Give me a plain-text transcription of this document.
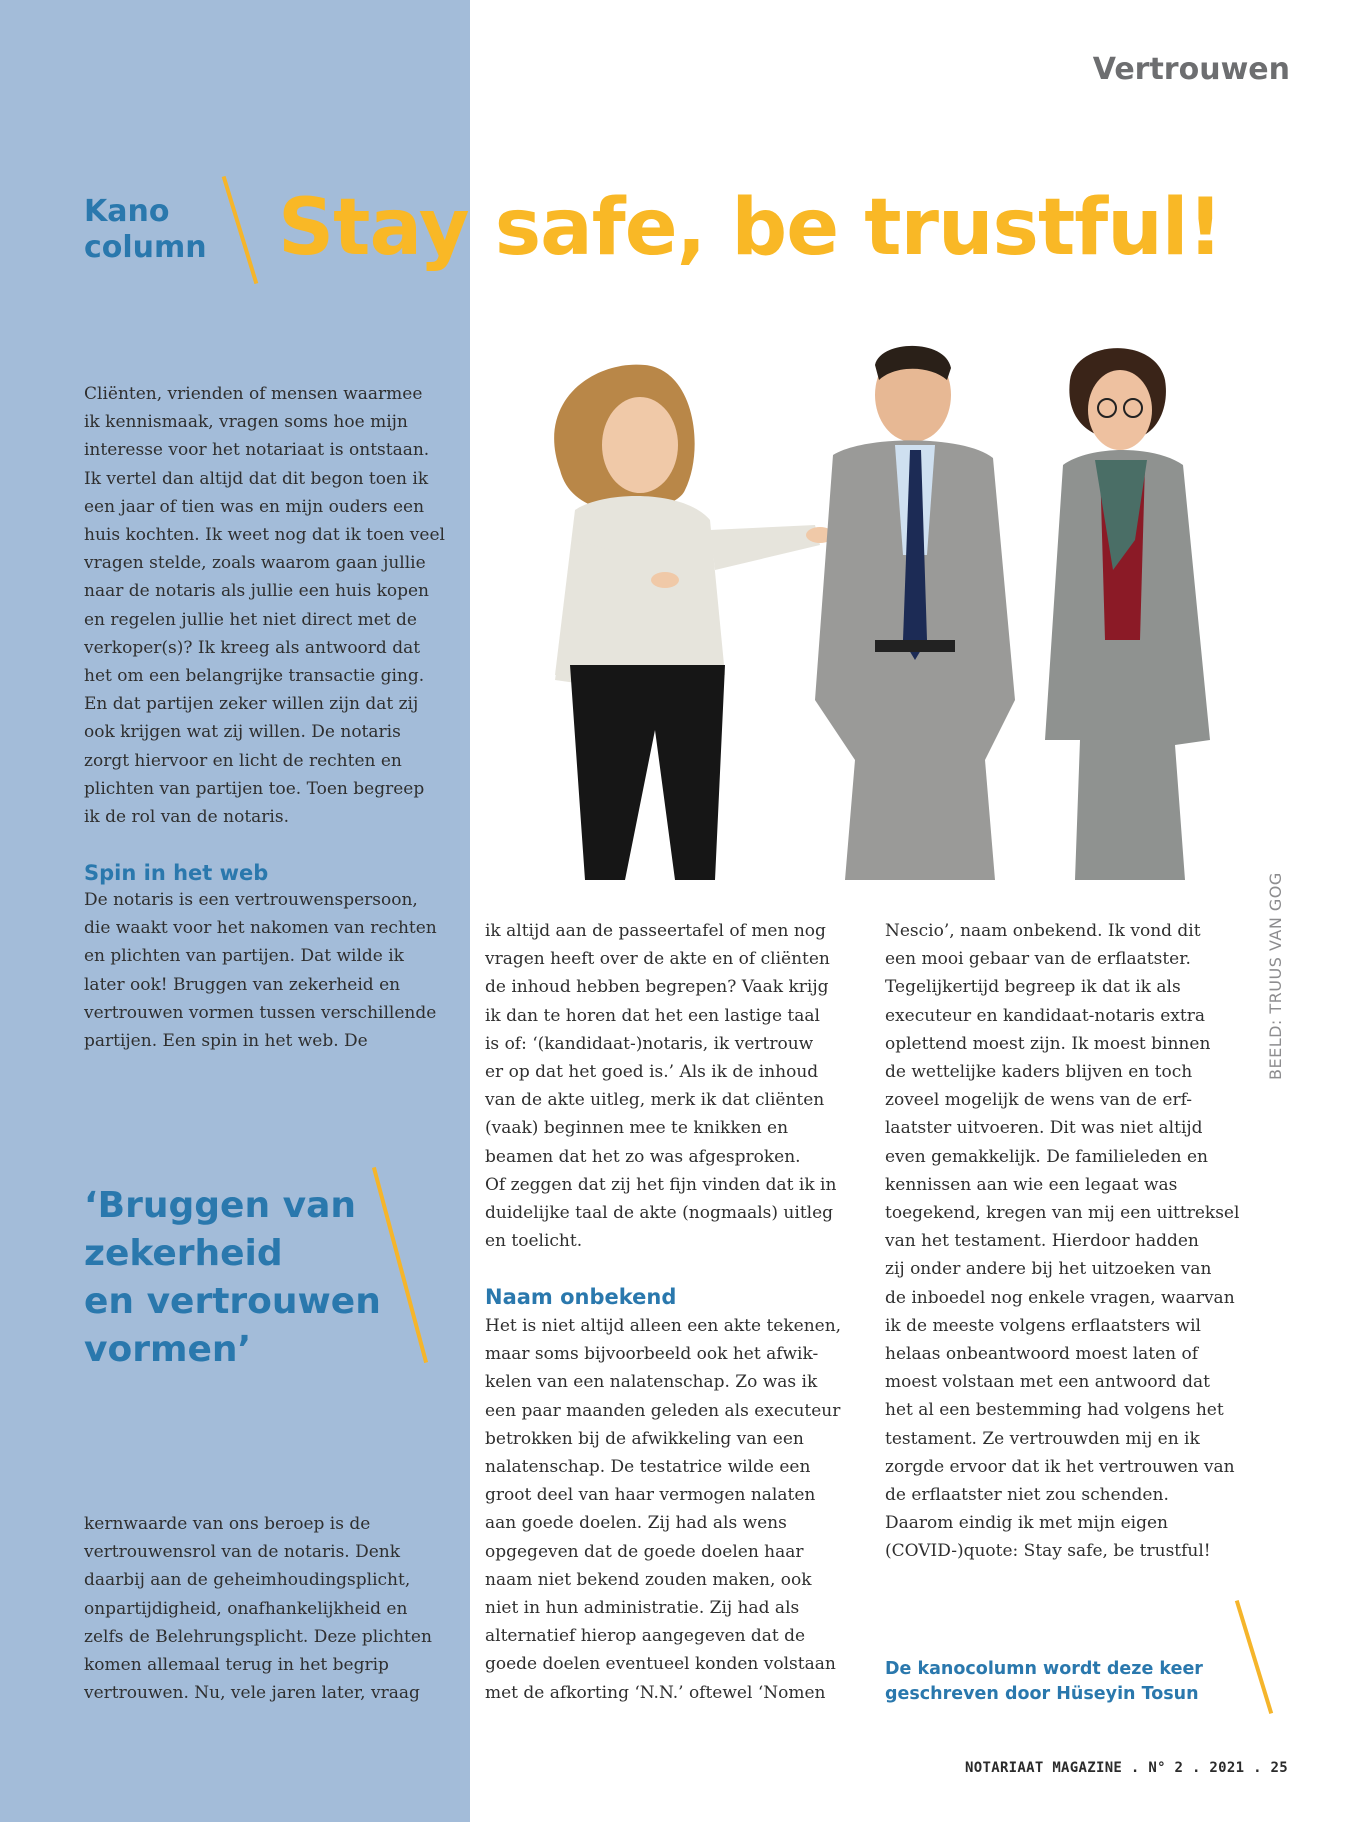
Vertrouwen
Kano
column Stay safe, be trustful!

Cliënten, vrienden of mensen waarmee

ik kennismaak, vragen soms hoe mijn

interesse voor het notariaat is ontstaan.

Ik vertel dan altijd dat dit begon toen ik

een jaar of tien was en mijn ouders een

huis kochten. Ik weet nog dat ik toen veel

vragen stelde, zoals waarom gaan jullie

naar de notaris als jullie een huis kopen

en regelen jullie het niet direct met de

verkoper(s)? Ik kreeg als antwoord dat

het om een belangrijke transactie ging.

En dat partijen zeker willen zijn dat zij

ook krijgen wat zij willen. De notaris

zorgt hiervoor en licht de rechten en

plichten van partijen toe. Toen begreep

ik de rol van de notaris.

Spin in het web

De notaris is een vertrouwenspersoon,

die waakt voor het nakomen van rechten

en plichten van partijen. Dat wilde ik

later ook! Bruggen van zekerheid en

vertrouwen vormen tussen verschillende

partijen. Een spin in het web. De

‘Bruggen van
zekerheid
en vertrouwen
vormen’

kernwaarde van ons beroep is de

vertrouwensrol van de notaris. Denk

daarbij aan de geheimhoudingsplicht,

onpartijdigheid, onafhankelijkheid en

zelfs de Belehrungsplicht. Deze plichten

komen allemaal terug in het begrip

vertrouwen. Nu, vele jaren later, vraag

ik altijd aan de passeertafel of men nog

vragen heeft over de akte en of cliënten

de inhoud hebben begrepen? Vaak krijg

ik dan te horen dat het een lastige taal

is of: ‘(kandidaat-)notaris, ik vertrouw

er op dat het goed is.’ Als ik de inhoud

van de akte uitleg, merk ik dat cliënten

(vaak) beginnen mee te knikken en

beamen dat het zo was afgesproken.

Of zeggen dat zij het fijn vinden dat ik in

duidelijke taal de akte (nogmaals) uitleg

en toelicht.

Naam onbekend

Het is niet altijd alleen een akte tekenen,

maar soms bijvoorbeeld ook het afwik-

kelen van een nalatenschap. Zo was ik

een paar maanden geleden als executeur

betrokken bij de afwikkeling van een

nalatenschap. De testatrice wilde een

groot deel van haar vermogen nalaten

aan goede doelen. Zij had als wens

opgegeven dat de goede doelen haar

naam niet bekend zouden maken, ook

niet in hun administratie. Zij had als

alternatief hierop aangegeven dat de

goede doelen eventueel konden volstaan

met de afkorting ‘N.N.’ oftewel ‘Nomen

Nescio’, naam onbekend. Ik vond dit

een mooi gebaar van de erflaatster.

Tegelijkertijd begreep ik dat ik als

executeur en kandidaat-notaris extra

oplettend moest zijn. Ik moest binnen

de wettelijke kaders blijven en toch

zoveel mogelijk de wens van de erf-

laatster uitvoeren. Dit was niet altijd

even gemakkelijk. De familieleden en

kennissen aan wie een legaat was

toegekend, kregen van mij een uittreksel

van het testament. Hierdoor hadden

zij onder andere bij het uitzoeken van

de inboedel nog enkele vragen, waarvan

ik de meeste volgens erflaatsters wil

helaas onbeantwoord moest laten of

moest volstaan met een antwoord dat

het al een bestemming had volgens het

testament. Ze vertrouwden mij en ik

zorgde ervoor dat ik het vertrouwen van

de erflaatster niet zou schenden.

Daarom eindig ik met mijn eigen

(COVID-)quote: Stay safe, be trustful!

BEELD: TRUUS VAN GOG
De kanocolumn wordt deze keer
geschreven door Hüseyin Tosun
NOTARIAAT MAGAZINE . N° 2 . 2021 . 25
